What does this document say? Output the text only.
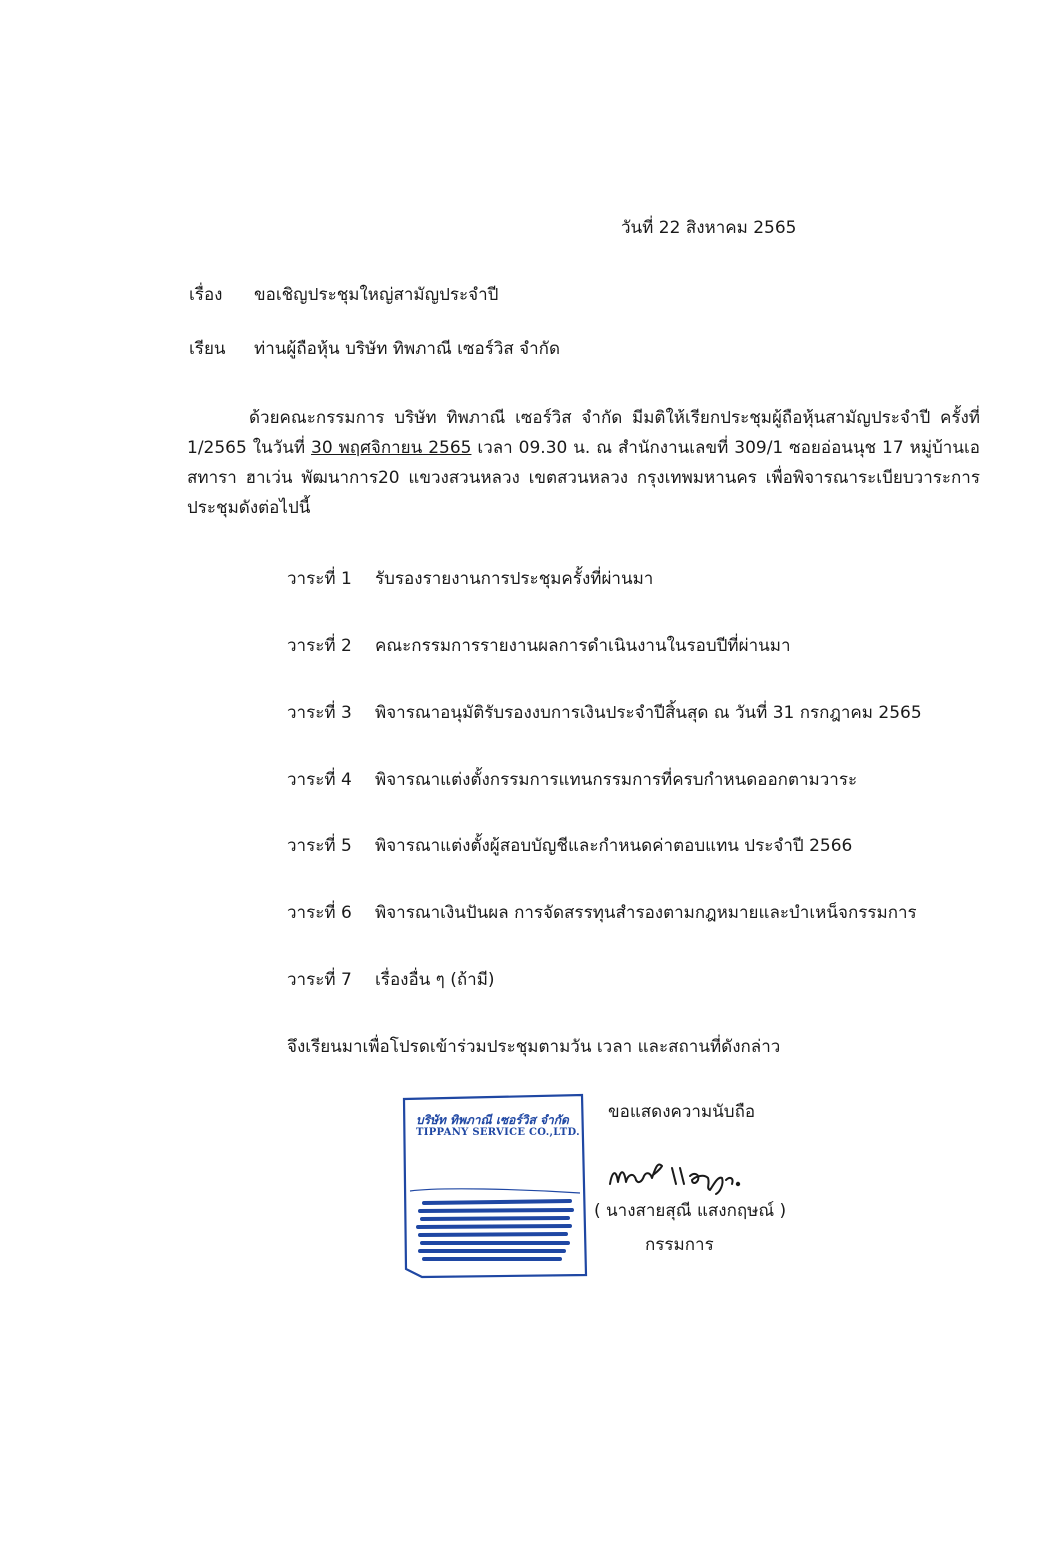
วันที่ 22 สิงหาคม 2565
เรื่อง ขอเชิญประชุมใหญ่สามัญประจำปี
เรียน ท่านผู้ถือหุ้น บริษัท ทิพภาณี เซอร์วิส จำกัด
ด้วยคณะกรรมการ บริษัท ทิพภาณี เซอร์วิส จำกัด มีมติให้เรียกประชุมผู้ถือหุ้นสามัญประจำปี ครั้งที่ 1/2565 ในวันที่ 30 พฤศจิกายน 2565 เวลา 09.30 น. ณ สำนักงานเลขที่ 309/1 ซอยอ่อนนุช 17 หมู่บ้านเอสทารา ฮาเว่น พัฒนาการ20 แขวงสวนหลวง เขตสวนหลวง กรุงเทพมหานคร เพื่อพิจารณาระเบียบวาระการประชุมดังต่อไปนี้
วาระที่ 1 รับรองรายงานการประชุมครั้งที่ผ่านมา
วาระที่ 2 คณะกรรมการรายงานผลการดำเนินงานในรอบปีที่ผ่านมา
วาระที่ 3 พิจารณาอนุมัติรับรองงบการเงินประจำปีสิ้นสุด ณ วันที่ 31 กรกฎาคม 2565
วาระที่ 4 พิจารณาแต่งตั้งกรรมการแทนกรรมการที่ครบกำหนดออกตามวาระ
วาระที่ 5 พิจารณาแต่งตั้งผู้สอบบัญชีและกำหนดค่าตอบแทน ประจำปี 2566
วาระที่ 6 พิจารณาเงินปันผล การจัดสรรทุนสำรองตามกฎหมายและบำเหน็จกรรมการ
วาระที่ 7 เรื่องอื่น ๆ (ถ้ามี)
จึงเรียนมาเพื่อโปรดเข้าร่วมประชุมตามวัน เวลา และสถานที่ดังกล่าว
บริษัท ทิพภาณี เซอร์วิส จำกัด
TIPPANY SERVICE CO.,LTD.
ขอแสดงความนับถือ
( นางสายสุณี แสงกฤษณ์ )
กรรมการ
